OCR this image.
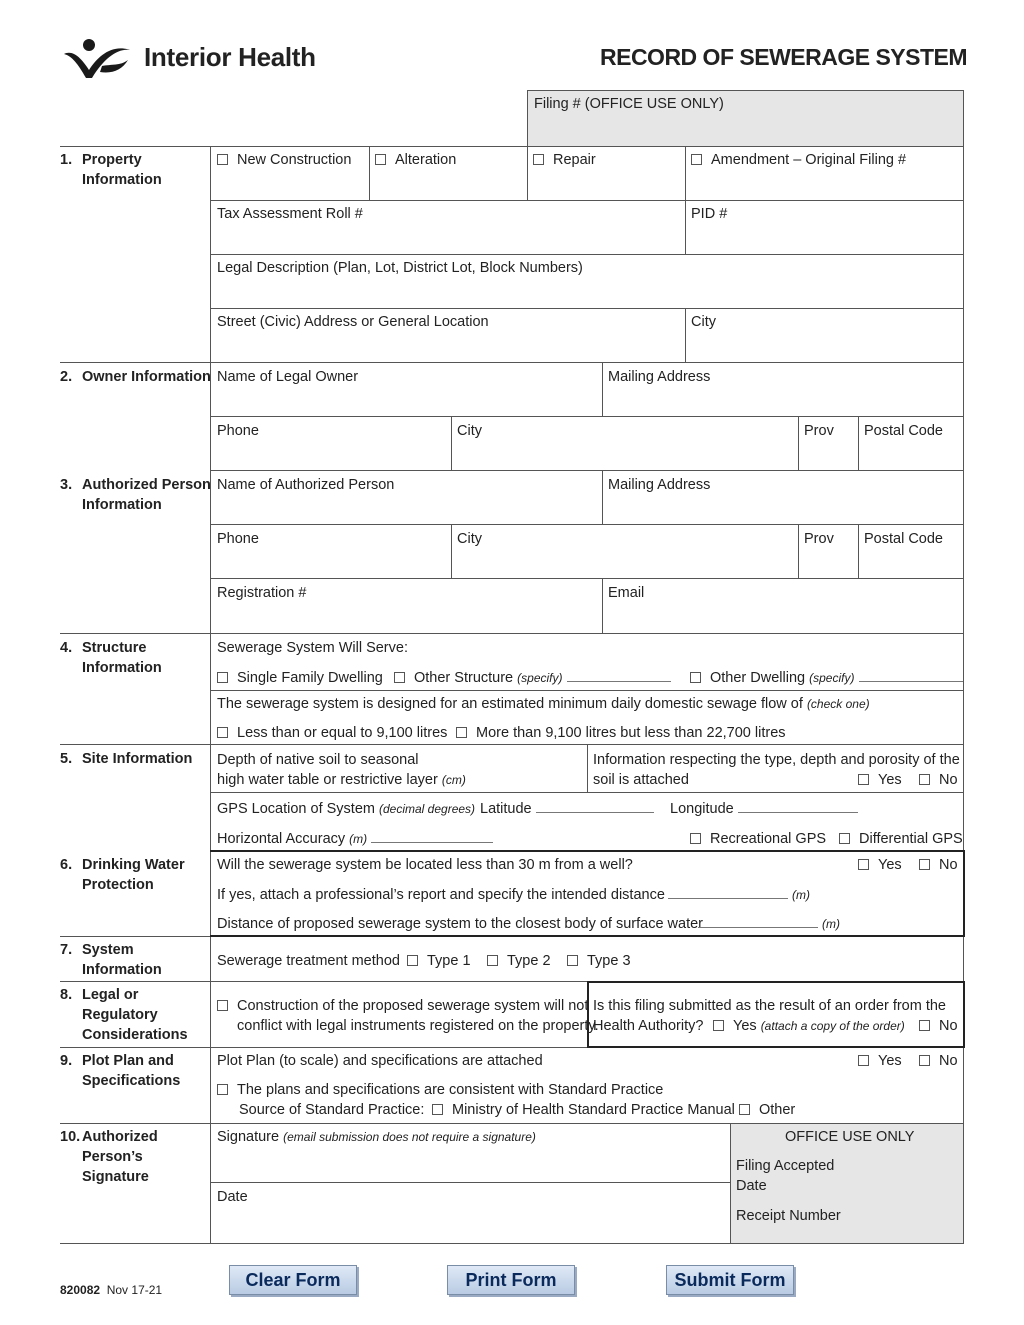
Interior Health	RECORD OF SEWERAGE SYSTEM
Filing # (OFFICE USE ONLY)
1. Property
Information
New Construction	Alteration	Repair	Amendment – Original Filing #
Tax Assessment Roll #	PID #
Legal Description (Plan, Lot, District Lot, Block Numbers)
Street (Civic) Address or General Location	City
2. Owner Information Name of Legal Owner	Mailing Address
Phone	City	Prov Postal Code
3. Authorized Person
Information
Name of Authorized Person	Mailing Address
Phone	City	Prov Postal Code
Registration #	Email
4. Structure
Information
Sewerage System Will Serve:
Single Family Dwelling	Other Structure (specify)	Other Dwelling (specify)
The sewerage system is designed for an estimated minimum daily domestic sewage flow of (check one)
Less than or equal to 9,100 litres	More than 9,100 litres but less than 22,700 litres
5. Site Information Depth of native soil to seasonal
high water table or restrictive layer (cm)
Information respecting the type, depth and porosity of the
soil is attached	Yes	No
GPS Location of System (decimal degrees) Latitude	Longitude
Horizontal Accuracy (m)	Recreational GPS	Differential GPS
6. Drinking Water
Protection
Will the sewerage system be located less than 30 m from a well?	Yes	No
If yes, attach a professional’s report and specify the intended distance	(m)
Distance of proposed sewerage system to the closest body of surface water	(m)
7. System
Information
Sewerage treatment method	Type 1	Type 2	Type 3
8. Legal or
Regulatory
Considerations
Construction of the proposed sewerage system will not
conflict with legal instruments registered on the property.
Is this filing submitted as the result of an order from the
Health Authority?	Yes (attach a copy of the order)	No
9. Plot Plan and
Specifications
Plot Plan (to scale) and specifications are attached	Yes	No
The plans and specifications are consistent with Standard Practice
Source of Standard Practice:	Ministry of Health Standard Practice Manual	Other
10. Authorized
Person’s
Signature
Signature (email submission does not require a signature)
Date
OFFICE USE ONLY
Filing Accepted
Date
Receipt Number
820082 Nov 17-21
Clear Form	Print Form	Submit Form
